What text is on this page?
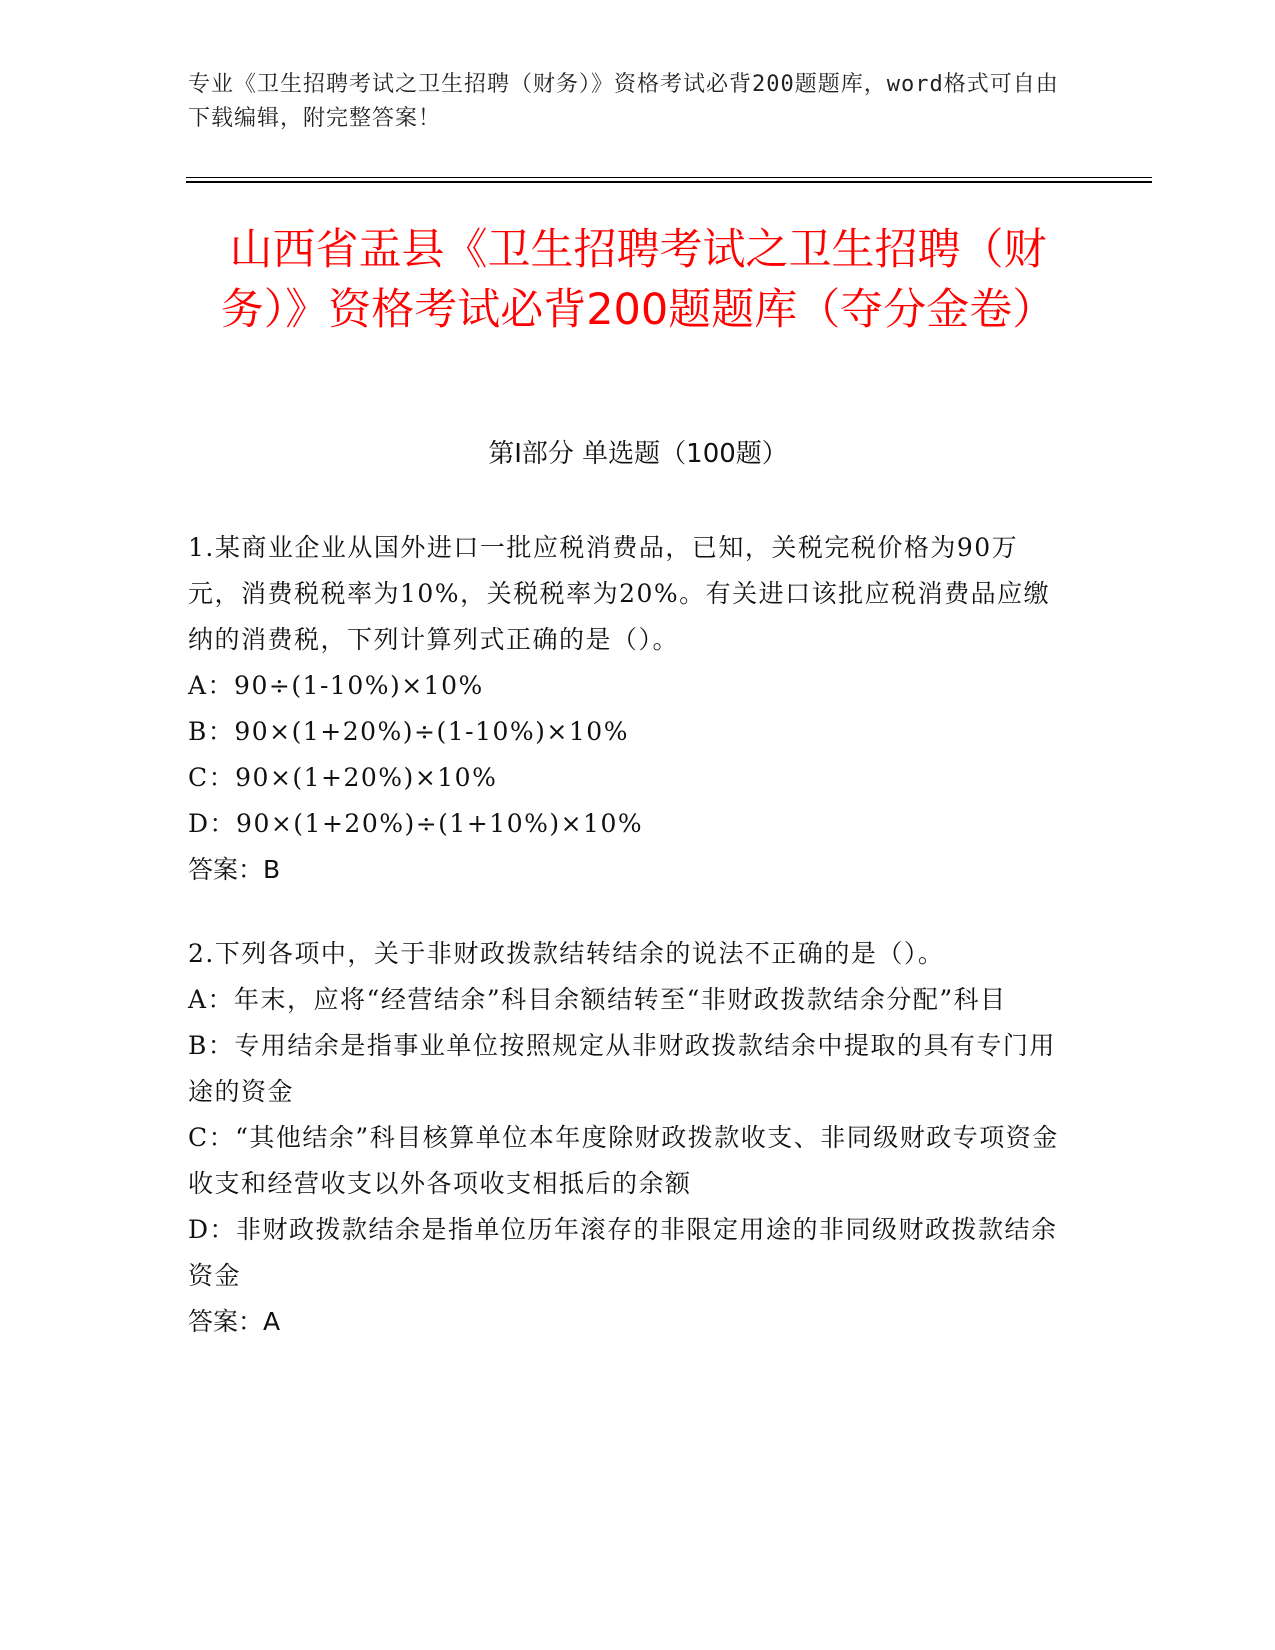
专业《卫生招聘考试之卫生招聘（财务）》资格考试必背200题题库，word格式可自由下载编辑，附完整答案！
山西省盂县《卫生招聘考试之卫生招聘（财务）》资格考试必背200题题库（夺分金卷）
第Ⅰ部分 单选题（100题）
1.某商业企业从国外进口一批应税消费品，已知，关税完税价格为90万元，消费税税率为10%，关税税率为20%。有关进口该批应税消费品应缴纳的消费税，下列计算列式正确的是（）。
A：90÷(1-10%)×10%
B：90×(1+20%)÷(1-10%)×10%
C：90×(1+20%)×10%
D：90×(1+20%)÷(1+10%)×10%
答案：B
2.下列各项中，关于非财政拨款结转结余的说法不正确的是（）。
A：年末，应将“经营结余”科目余额结转至“非财政拨款结余分配”科目
B：专用结余是指事业单位按照规定从非财政拨款结余中提取的具有专门用途的资金
C：“其他结余”科目核算单位本年度除财政拨款收支、非同级财政专项资金收支和经营收支以外各项收支相抵后的余额
D：非财政拨款结余是指单位历年滚存的非限定用途的非同级财政拨款结余资金
答案：A
